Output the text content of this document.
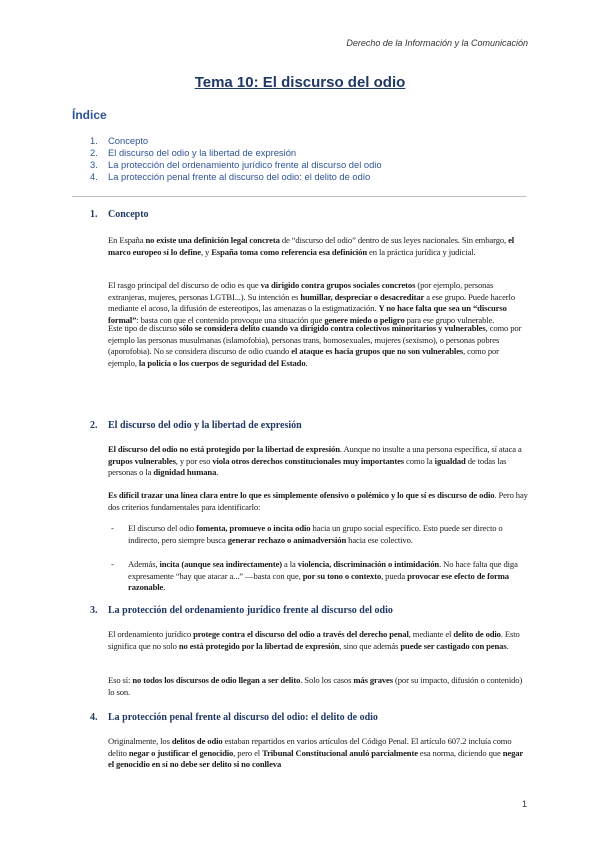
Derecho de la Información y la Comunicación
Tema 10: El discurso del odio
Índice
1. Concepto
2. El discurso del odio y la libertad de expresión
3. La protección del ordenamiento jurídico frente al discurso del odio
4. La protección penal frente al discurso del odio: el delito de odio
1. Concepto
En España no existe una definición legal concreta de “discurso del odio” dentro de sus leyes nacionales. Sin embargo, el marco europeo sí lo define, y España toma como referencia esa definición en la práctica jurídica y judicial.
El rasgo principal del discurso de odio es que va dirigido contra grupos sociales concretos (por ejemplo, personas extranjeras, mujeres, personas LGTBI...). Su intención es humillar, despreciar o desacreditar a ese grupo. Puede hacerlo mediante el acoso, la difusión de estereotipos, las amenazas o la estigmatización. Y no hace falta que sea un “discurso formal”: basta con que el contenido provoque una situación que genere miedo o peligro para ese grupo vulnerable.
Este tipo de discurso sólo se considera delito cuando va dirigido contra colectivos minoritarios y vulnerables, como por ejemplo las personas musulmanas (islamofobia), personas trans, homosexuales, mujeres (sexismo), o personas pobres (aporofobia). No se considera discurso de odio cuando el ataque es hacia grupos que no son vulnerables, como por ejemplo, la policía o los cuerpos de seguridad del Estado.
2. El discurso del odio y la libertad de expresión
El discurso del odio no está protegido por la libertad de expresión. Aunque no insulte a una persona específica, sí ataca a grupos vulnerables, y por eso viola otros derechos constitucionales muy importantes como la igualdad de todas las personas o la dignidad humana.
Es difícil trazar una línea clara entre lo que es simplemente ofensivo o polémico y lo que sí es discurso de odio. Pero hay dos criterios fundamentales para identificarlo:
- El discurso del odio fomenta, promueve o incita odio hacia un grupo social específico. Esto puede ser directo o indirecto, pero siempre busca generar rechazo o animadversión hacia ese colectivo.
- Además, incita (aunque sea indirectamente) a la violencia, discriminación o intimidación. No hace falta que diga expresamente “hay que atacar a...” —basta con que, por su tono o contexto, pueda provocar ese efecto de forma razonable.
3. La protección del ordenamiento jurídico frente al discurso del odio
El ordenamiento jurídico protege contra el discurso del odio a través del derecho penal, mediante el delito de odio. Esto significa que no solo no está protegido por la libertad de expresión, sino que además puede ser castigado con penas.
Eso sí: no todos los discursos de odio llegan a ser delito. Solo los casos más graves (por su impacto, difusión o contenido) lo son.
4. La protección penal frente al discurso del odio: el delito de odio
Originalmente, los delitos de odio estaban repartidos en varios artículos del Código Penal. El artículo 607.2 incluía como delito negar o justificar el genocidio, pero el Tribunal Constitucional anuló parcialmente esa norma, diciendo que negar el genocidio en sí no debe ser delito si no conlleva
1
